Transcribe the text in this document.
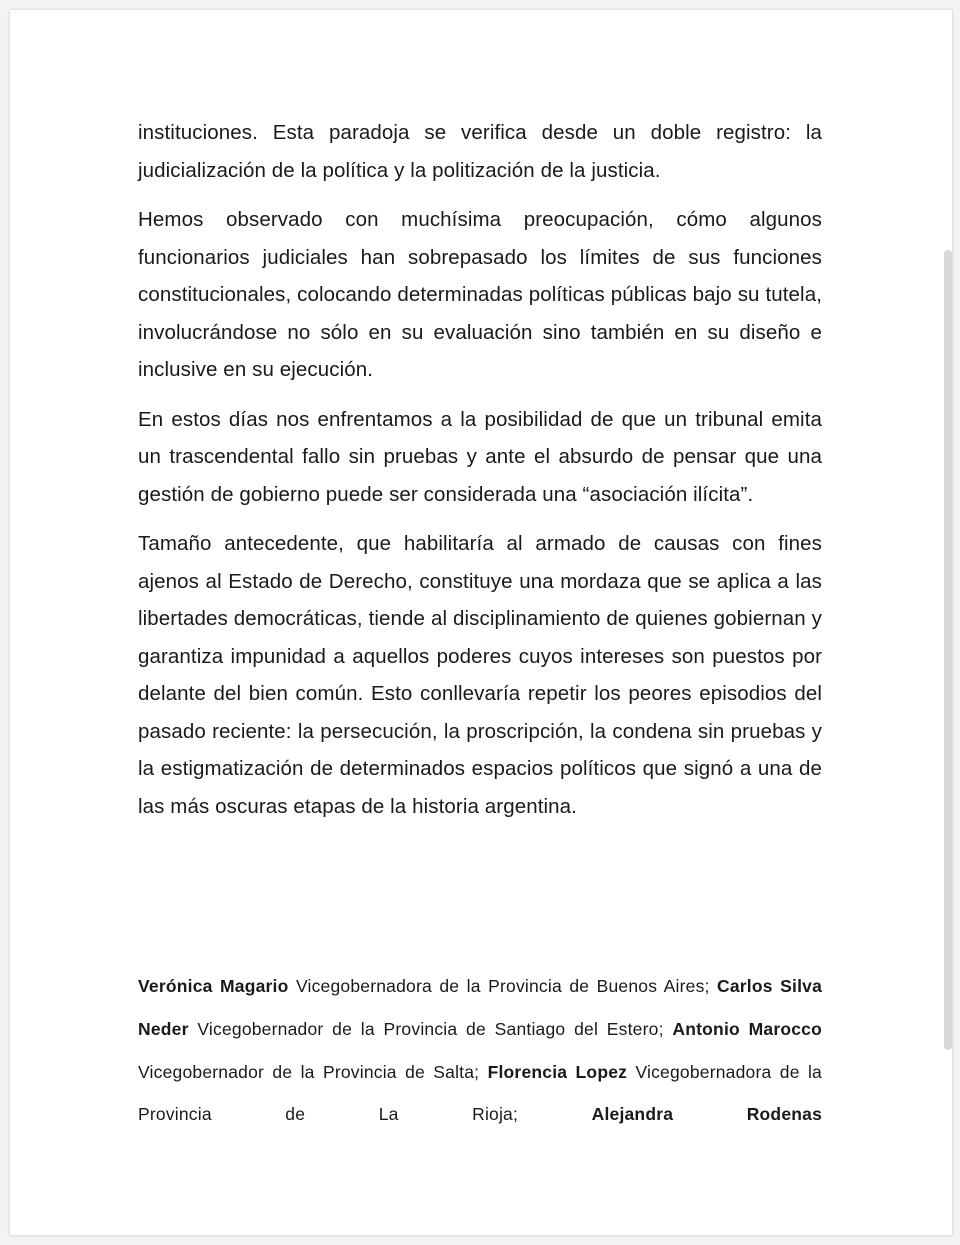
instituciones. Esta paradoja se verifica desde un doble registro: la judicialización de la política y la politización de la justicia.

Hemos observado con muchísima preocupación, cómo algunos funcionarios judiciales han sobrepasado los límites de sus funciones constitucionales, colocando determinadas políticas públicas bajo su tutela, involucrándose no sólo en su evaluación sino también en su diseño e inclusive en su ejecución.

En estos días nos enfrentamos a la posibilidad de que un tribunal emita un trascendental fallo sin pruebas y ante el absurdo de pensar que una gestión de gobierno puede ser considerada una “asociación ilícita”.

Tamaño antecedente, que habilitaría al armado de causas con fines ajenos al Estado de Derecho, constituye una mordaza que se aplica a las libertades democráticas, tiende al disciplinamiento de quienes gobiernan y garantiza impunidad a aquellos poderes cuyos intereses son puestos por delante del bien común. Esto conllevaría repetir los peores episodios del pasado reciente: la persecución, la proscripción, la condena sin pruebas y la estigmatización de determinados espacios políticos que signó a una de las más oscuras etapas de la historia argentina.

Verónica Magario Vicegobernadora de la Provincia de Buenos Aires; Carlos Silva Neder Vicegobernador de la Provincia de Santiago del Estero; Antonio Marocco Vicegobernador de la Provincia de Salta; Florencia Lopez Vicegobernadora de la Provincia de La Rioja;	Alejandra Rodenas
